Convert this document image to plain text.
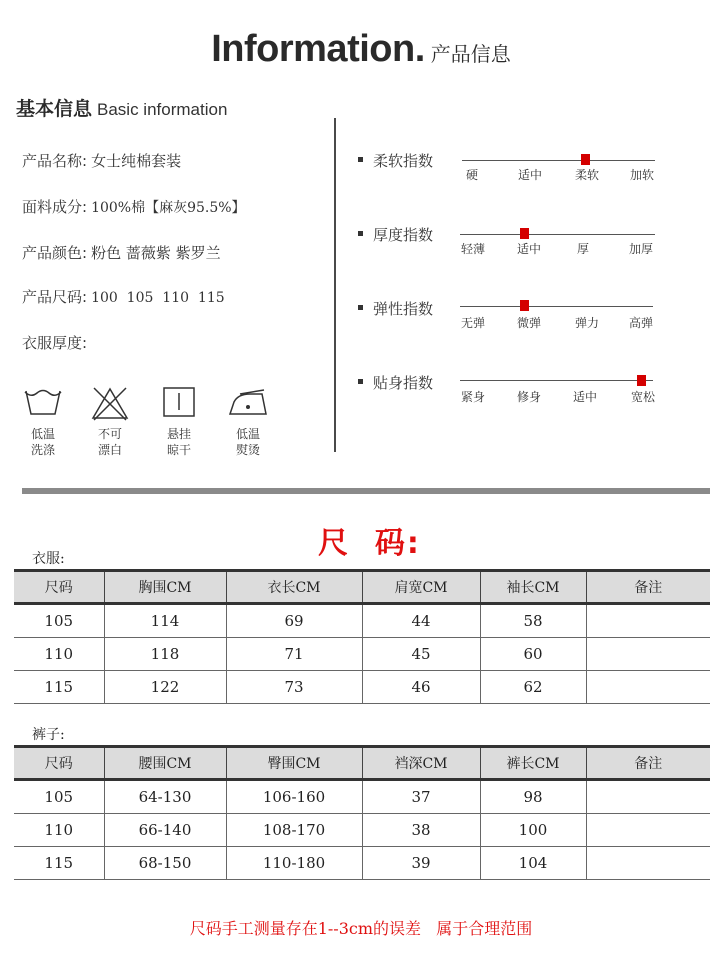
Information. 产品信息
基本信息 Basic information
产品名称: 女士纯棉套装
面料成分: 100%棉【麻灰95.5%】
产品颜色: 粉色 蔷薇紫 紫罗兰
产品尺码: 100  105  110  115
衣服厚度:
低温
洗涤
不可
漂白
悬挂
晾干
低温
熨烫
柔软指数
硬	适中	柔软	加软
厚度指数
轻薄	适中	厚	加厚
弹性指数
无弹	微弹	弹力	高弹
贴身指数
紧身	修身	适中	宽松
尺  码:
衣服:
尺码	胸围CM	衣长CM	肩宽CM	袖长CM	备注
105	114	69	44	58	
110	118	71	45	60	
115	122	73	46	62	
裤子:
尺码	腰围CM	臀围CM	裆深CM	裤长CM	备注
105	64-130	106-160	37	98	
110	66-140	108-170	38	100	
115	68-150	110-180	39	104	
尺码手工测量存在1--3cm的误差   属于合理范围
